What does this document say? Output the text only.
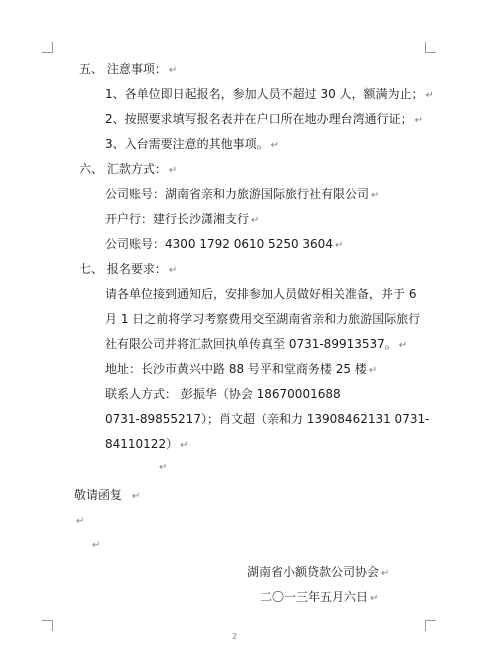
五、 注意事项： ↵
1、各单位即日起报名，参加人员不超过 30 人，额满为止； ↵
2、按照要求填写报名表并在户口所在地办理台湾通行证； ↵
3、入台需要注意的其他事项。 ↵
六、 汇款方式： ↵
公司账号：湖南省亲和力旅游国际旅行社有限公司 ↵
开户行：建行长沙潇湘支行 ↵
公司账号：4300 1792 0610 5250 3604 ↵
七、 报名要求： ↵
请各单位接到通知后，安排参加人员做好相关准备，并于 6
月 1 日之前将学习考察费用交至湖南省亲和力旅游国际旅行
社有限公司并将汇款回执单传真至 0731-89913537。 ↵
地址：长沙市黄兴中路 88 号平和堂商务楼 25 楼 ↵
联系人方式： 彭振华（协会 18670001688
0731-89855217）；肖文超（亲和力 13908462131 0731-
84110122） ↵
↵
敬请函复 ↵
↵
↵
湖南省小额贷款公司协会 ↵
二〇一三年五月六日 ↵
2
